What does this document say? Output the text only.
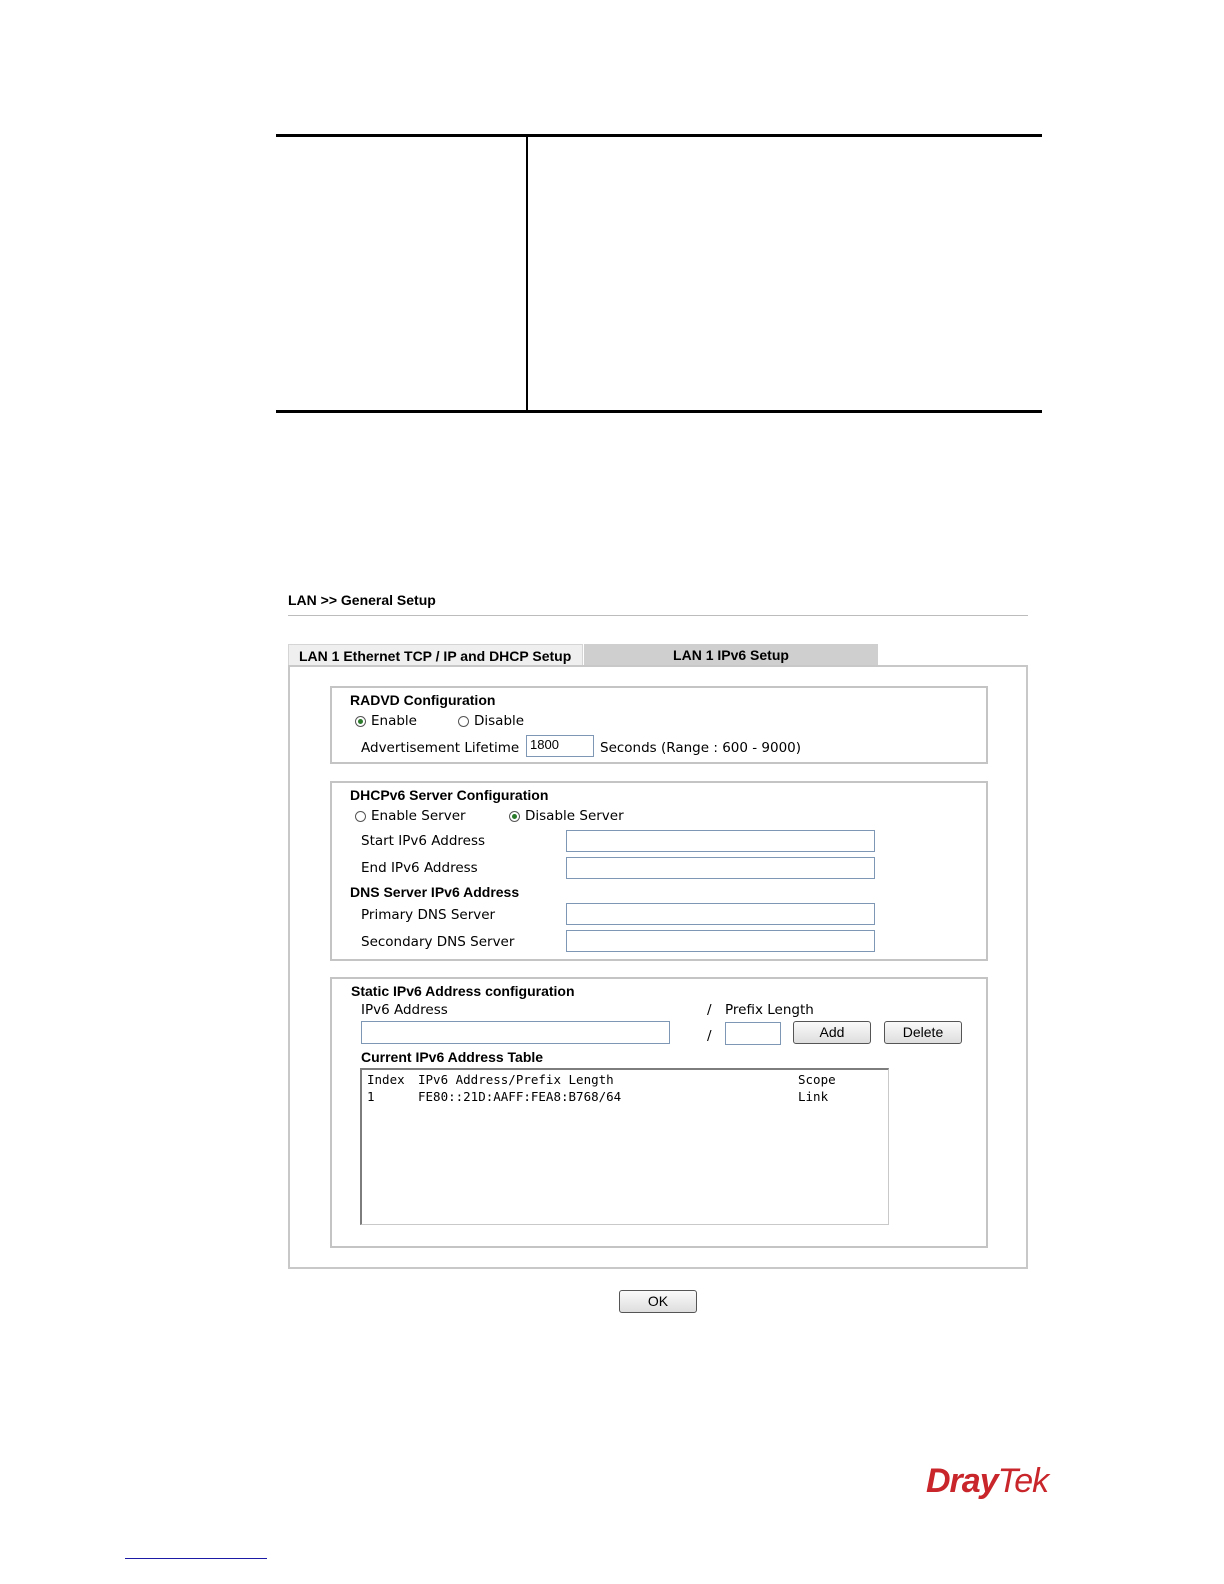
LAN >> General Setup
LAN 1 Ethernet TCP / IP and DHCP Setup	LAN 1 IPv6 Setup
RADVD Configuration
Enable	Disable
Advertisement Lifetime 1800	Seconds (Range : 600 - 9000)
DHCPv6 Server Configuration
Enable Server	Disable Server
Start IPv6 Address
End IPv6 Address
DNS Server IPv6 Address
Primary DNS Server
Secondary DNS Server
Static IPv6 Address configuration
IPv6 Address	/ Prefix Length
/	Add	Delete
Current IPv6 Address Table
Index IPv6 Address/Prefix Length	Scope
1	FE80::21D:AAFF:FEA8:B768/64	Link
OK
DrayTek
